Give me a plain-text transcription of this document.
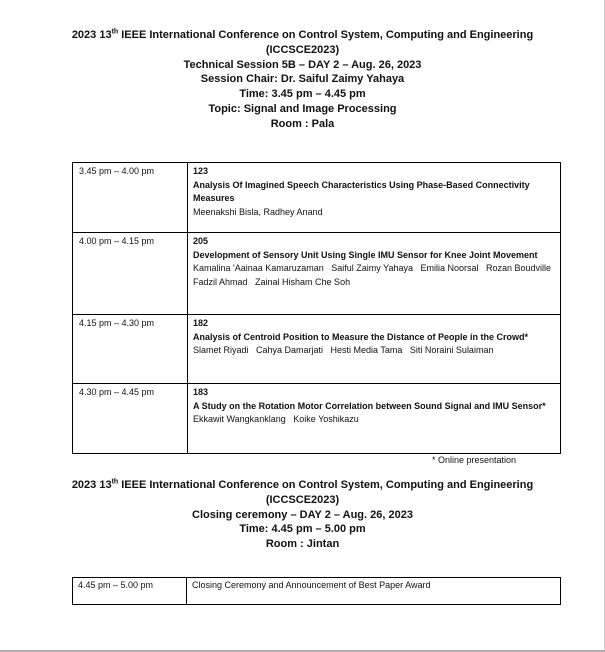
2023 13th IEEE International Conference on Control System, Computing and Engineering

(ICCSCE2023)

Technical Session 5B – DAY 2 – Aug. 26, 2023

Session Chair: Dr. Saiful Zaimy Yahaya

Time: 3.45 pm – 4.45 pm

Topic: Signal and Image Processing

Room : Pala

3.45 pm – 4.00 pm	123
Analysis Of Imagined Speech Characteristics Using Phase-Based Connectivity Measures
Meenakshi Bisla, Radhey Anand

4.00 pm – 4.15 pm	205
Development of Sensory Unit Using Single IMU Sensor for Knee Joint Movement
Kamalina 'Aainaa Kamaruzaman   Saiful Zaimy Yahaya   Emilia Noorsal   Rozan Boudville   Fadzil Ahmad   Zainal Hisham Che Soh

4.15 pm – 4.30 pm	182
Analysis of Centroid Position to Measure the Distance of People in the Crowd*
Slamet Riyadi   Cahya Damarjati   Hesti Media Tama   Siti Noraini Sulaiman

4.30 pm – 4.45 pm	183
A Study on the Rotation Motor Correlation between Sound Signal and IMU Sensor*
Ekkawit Wangkanklang   Koike Yoshikazu
* Online presentation

2023 13th IEEE International Conference on Control System, Computing and Engineering

(ICCSCE2023)

Closing ceremony – DAY 2 – Aug. 26, 2023

Time: 4.45 pm – 5.00 pm

Room : Jintan

4.45 pm – 5.00 pm	Closing Ceremony and Announcement of Best Paper Award
